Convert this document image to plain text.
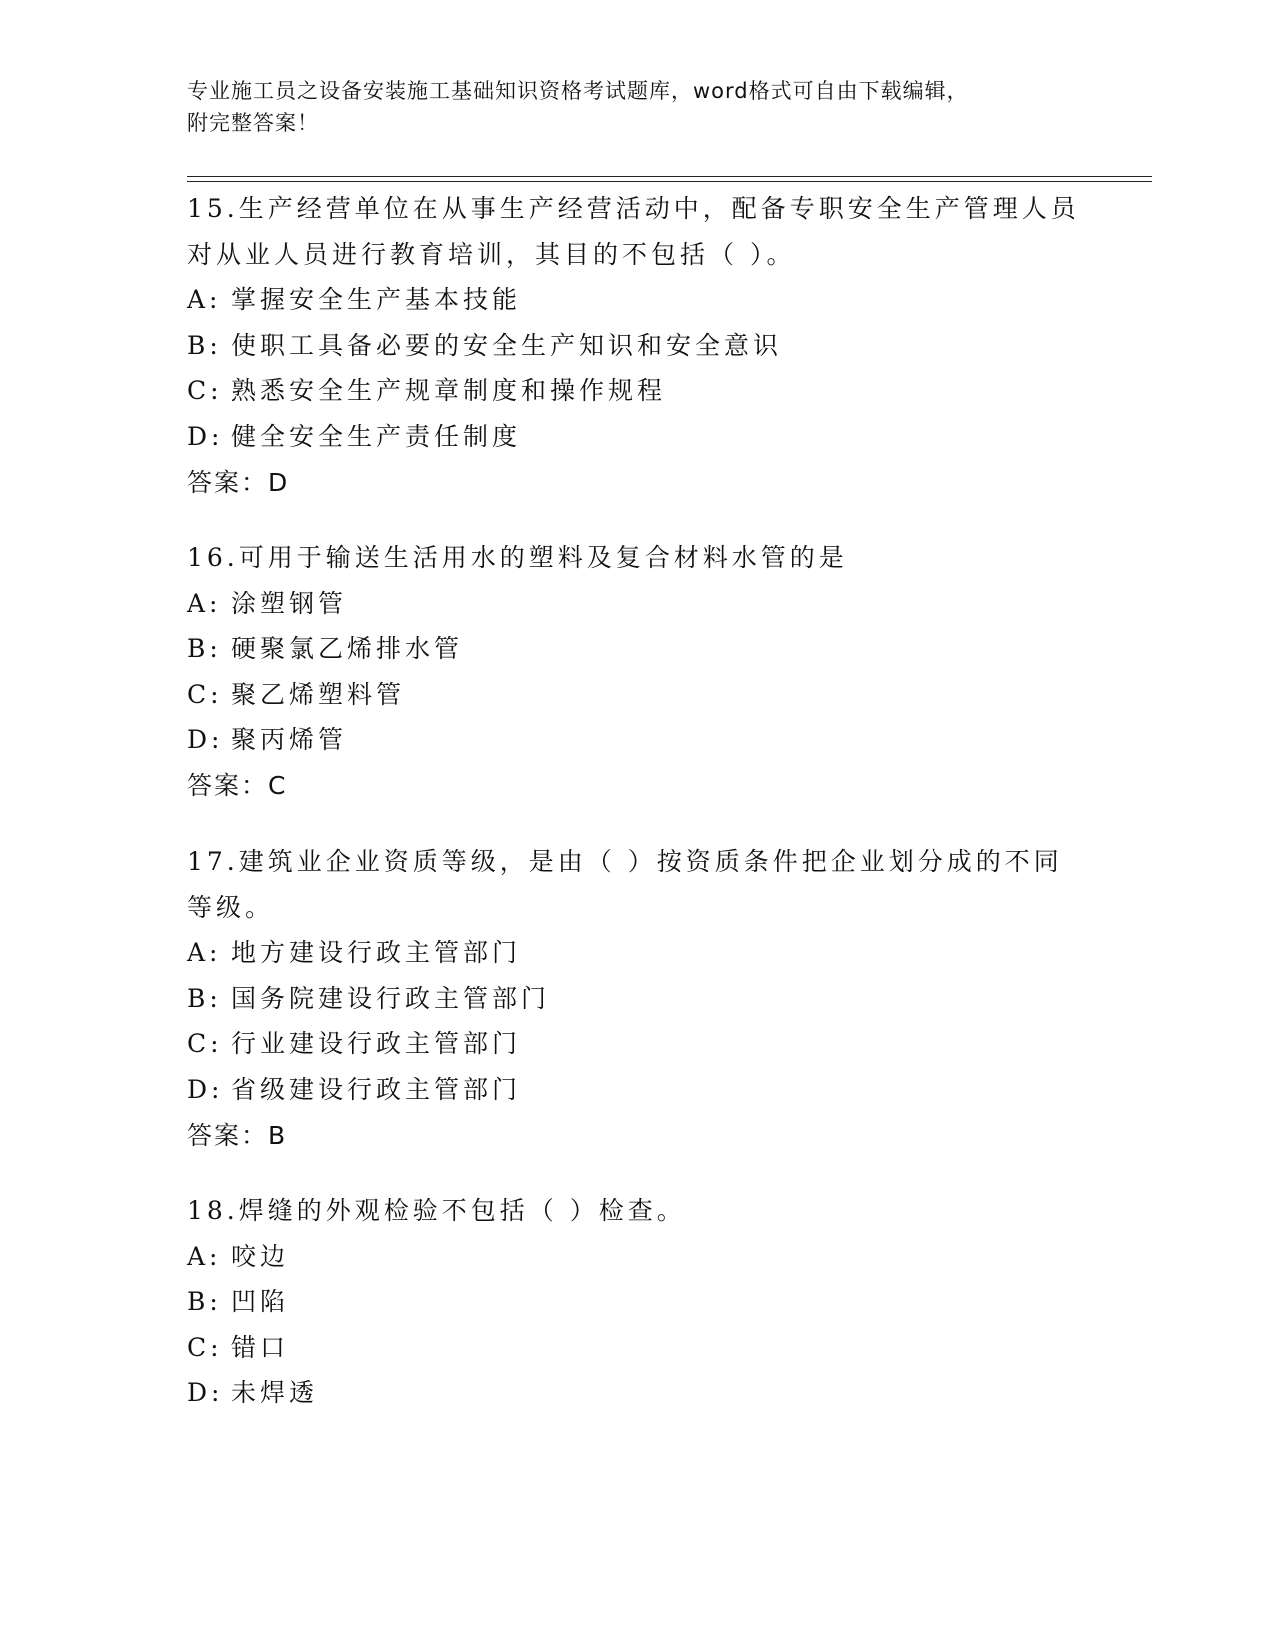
专业施工员之设备安装施工基础知识资格考试题库，word格式可自由下载编辑，
附完整答案！
15.生产经营单位在从事生产经营活动中，配备专职安全生产管理人员
对从业人员进行教育培训，其目的不包括（ ）。
A: 掌握安全生产基本技能
B: 使职工具备必要的安全生产知识和安全意识
C: 熟悉安全生产规章制度和操作规程
D: 健全安全生产责任制度
答案：D
16.可用于输送生活用水的塑料及复合材料水管的是
A: 涂塑钢管
B: 硬聚氯乙烯排水管
C: 聚乙烯塑料管
D: 聚丙烯管
答案：C
17.建筑业企业资质等级，是由（ ）按资质条件把企业划分成的不同
等级。
A: 地方建设行政主管部门
B: 国务院建设行政主管部门
C: 行业建设行政主管部门
D: 省级建设行政主管部门
答案：B
18.焊缝的外观检验不包括（ ）检查。
A: 咬边
B: 凹陷
C: 错口
D: 未焊透
